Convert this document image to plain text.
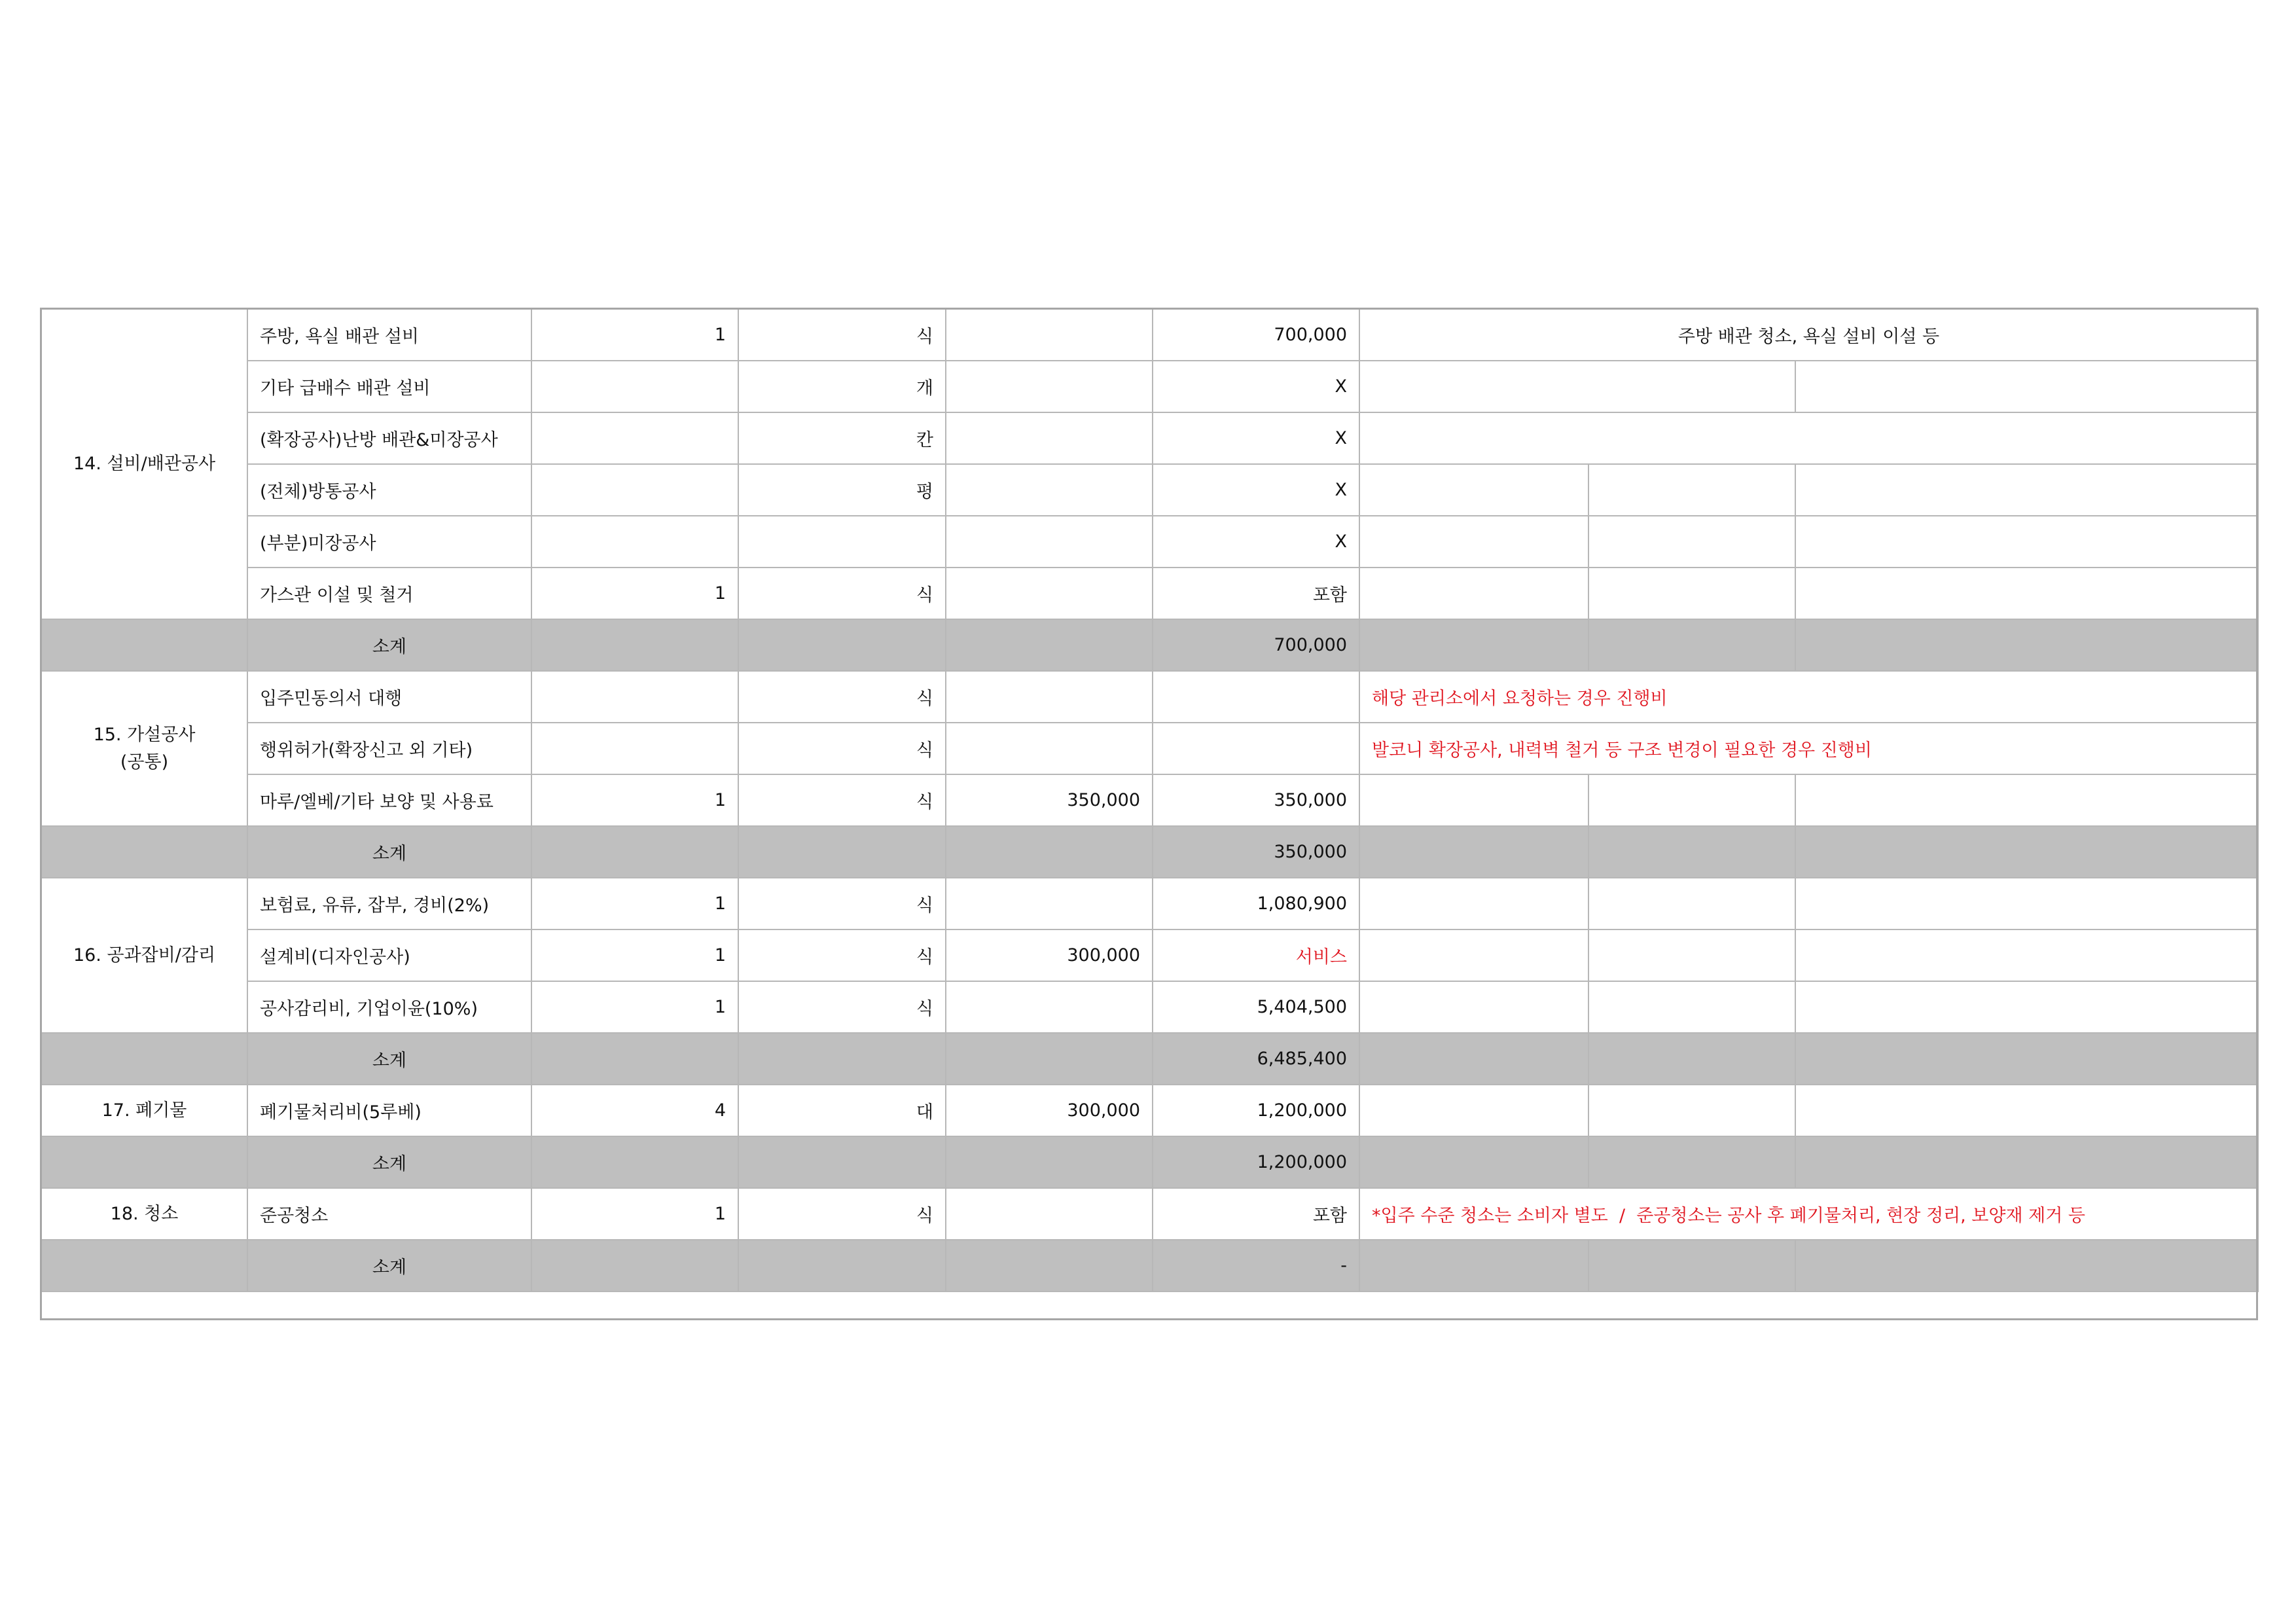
14. 설비/배관공사	주방, 욕실 배관 설비	1	식		700,000	주방 배관 청소, 욕실 설비 이설 등		
	기타 급배수 배관 설비		개		X			
	(확장공사)난방 배관&미장공사		칸		X			
	(전체)방통공사		평		X			
	(부분)미장공사				X			
	가스관 이설 및 철거	1	식		포함			
	소계				700,000			

15. 가설공사
(공통)	입주민동의서 대행		식			해당 관리소에서 요청하는 경우 진행비		
	행위허가(확장신고 외 기타)		식			발코니 확장공사, 내력벽 철거 등 구조 변경이 필요한 경우 진행비		
	마루/엘베/기타 보양 및 사용료	1	식	350,000	350,000			
	소계				350,000			
16. 공과잡비/감리	보험료, 유류, 잡부, 경비(2%)	1	식		1,080,900			
	설계비(디자인공사)	1	식	300,000	서비스			
	공사감리비, 기업이윤(10%)	1	식		5,404,500			
	소계				6,485,400			
17. 폐기물	폐기물처리비(5루베)	4	대	300,000	1,200,000			
	소계				1,200,000			
18. 청소	준공청소	1	식		포함	*입주 수준 청소는 소비자 별도  /  준공청소는 공사 후 폐기물처리, 현장 정리, 보양재 제거 등		
	소계				-			
